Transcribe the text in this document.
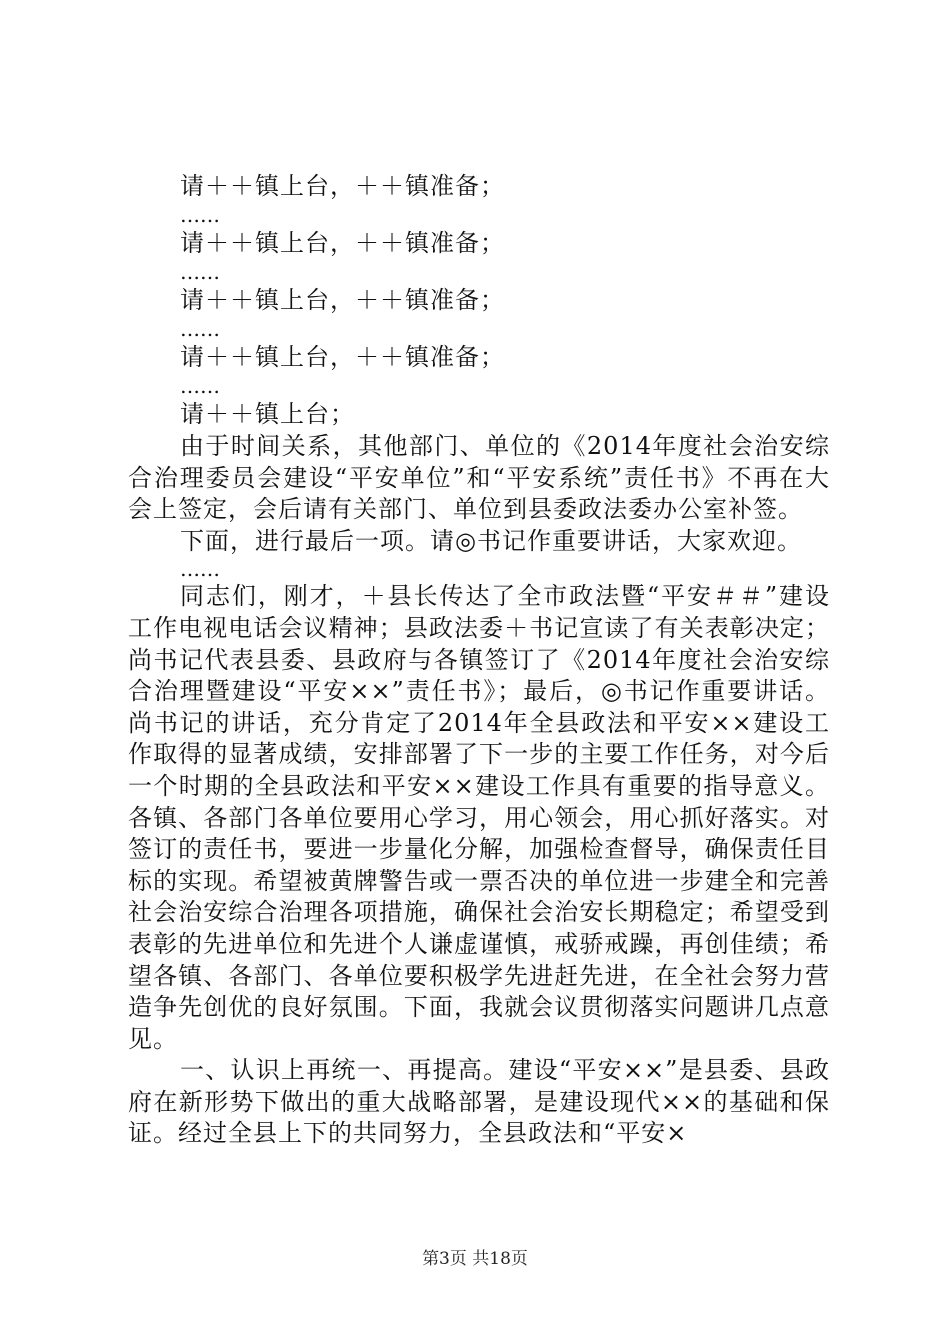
请＋＋镇上台，＋＋镇准备；
……
请＋＋镇上台，＋＋镇准备；
……
请＋＋镇上台，＋＋镇准备；
……
请＋＋镇上台，＋＋镇准备；
……
请＋＋镇上台；

由于时间关系，其他部门、单位的《2014年度社会治安综合治理委员会建设“平安单位”和“平安系统”责任书》不再在大会上签定，会后请有关部门、单位到县委政法委办公室补签。

下面，进行最后一项。请◎书记作重要讲话，大家欢迎。

……

同志们，刚才，＋县长传达了全市政法暨“平安＃＃”建设工作电视电话会议精神；县政法委＋书记宣读了有关表彰决定；尚书记代表县委、县政府与各镇签订了《2014年度社会治安综合治理暨建设“平安××”责任书》；最后，◎书记作重要讲话。尚书记的讲话，充分肯定了2014年全县政法和平安××建设工作取得的显著成绩，安排部署了下一步的主要工作任务，对今后一个时期的全县政法和平安××建设工作具有重要的指导意义。各镇、各部门各单位要用心学习，用心领会，用心抓好落实。对签订的责任书，要进一步量化分解，加强检查督导，确保责任目标的实现。希望被黄牌警告或一票否决的单位进一步建全和完善社会治安综合治理各项措施，确保社会治安长期稳定；希望受到表彰的先进单位和先进个人谦虚谨慎，戒骄戒躁，再创佳绩；希望各镇、各部门、各单位要积极学先进赶先进，在全社会努力营造争先创优的良好氛围。下面，我就会议贯彻落实问题讲几点意见。

一、认识上再统一、再提高。建设“平安××”是县委、县政府在新形势下做出的重大战略部署，是建设现代××的基础和保证。经过全县上下的共同努力，全县政法和“平安×

第3页 共18页
